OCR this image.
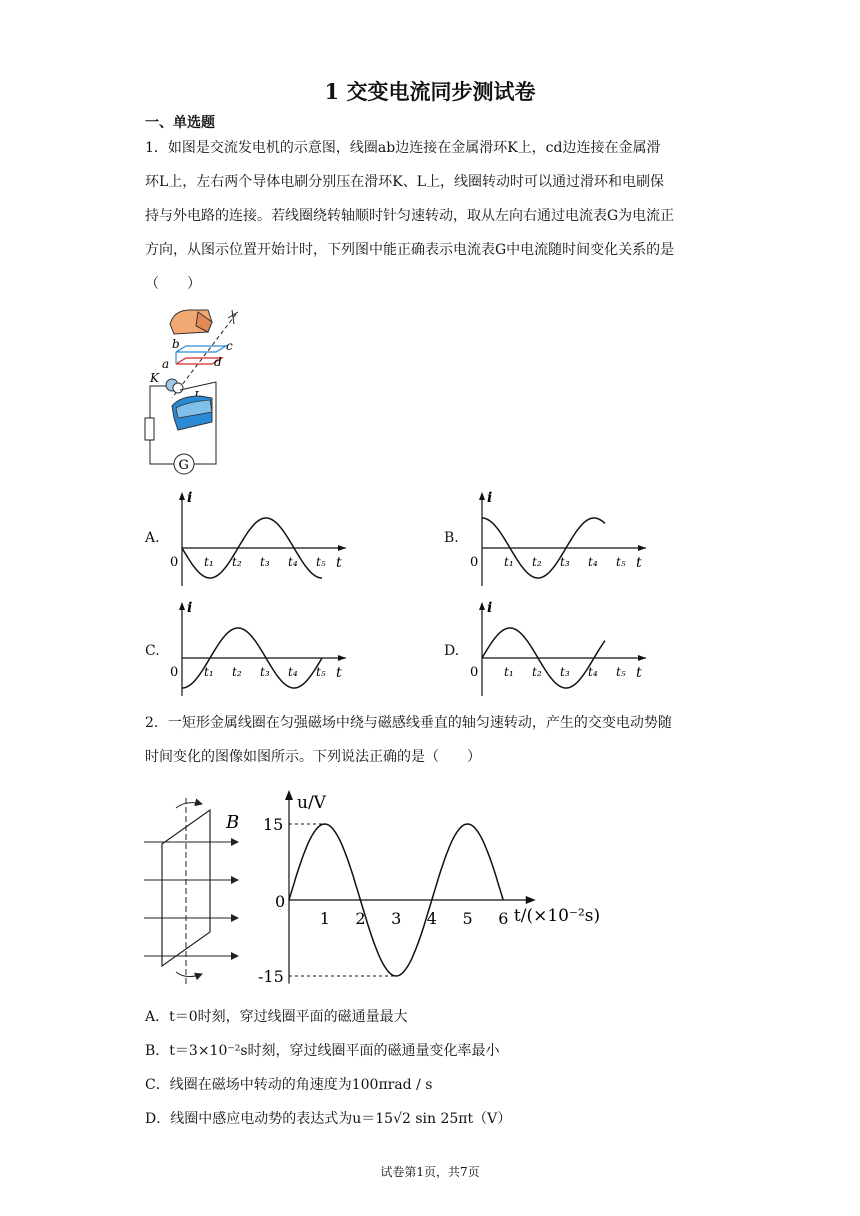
1 交变电流同步测试卷
一、单选题
1．如图是交流发电机的示意图，线圈ab边连接在金属滑环K上，cd边连接在金属滑
环L上，左右两个导体电刷分别压在滑环K、L上，线圈转动时可以通过滑环和电刷保
持与外电路的连接。若线圈绕转轴顺时针匀速转动，取从左向右通过电流表G为电流正
方向，从图示位置开始计时，下列图中能正确表示电流表G中电流随时间变化关系的是
（　　）
b	c
a	d
K
G
A.
i
t
0 t₁ t₂ t₃ t₄ t₅
B.
i
t
0 t₁ t₂ t₃ t₄ t₅
C.
i
t
0 t₁ t₂ t₃ t₄ t₅
D.
i
t
0 t₁ t₂ t₃ t₄ t₅
2．一矩形金属线圈在匀强磁场中绕与磁感线垂直的轴匀速转动，产生的交变电动势随
时间变化的图像如图所示。下列说法正确的是（　　）
B
u/V
t/(×10⁻²s)
0
15
-15
1 2 3 4 5 6
A．t＝0时刻，穿过线圈平面的磁通量最大
B．t＝3×10⁻²s时刻，穿过线圈平面的磁通量变化率最小
C．线圈在磁场中转动的角速度为100πrad / s
D．线圈中感应电动势的表达式为u＝15√2 sin 25πt（V）
试卷第1页，共7页
